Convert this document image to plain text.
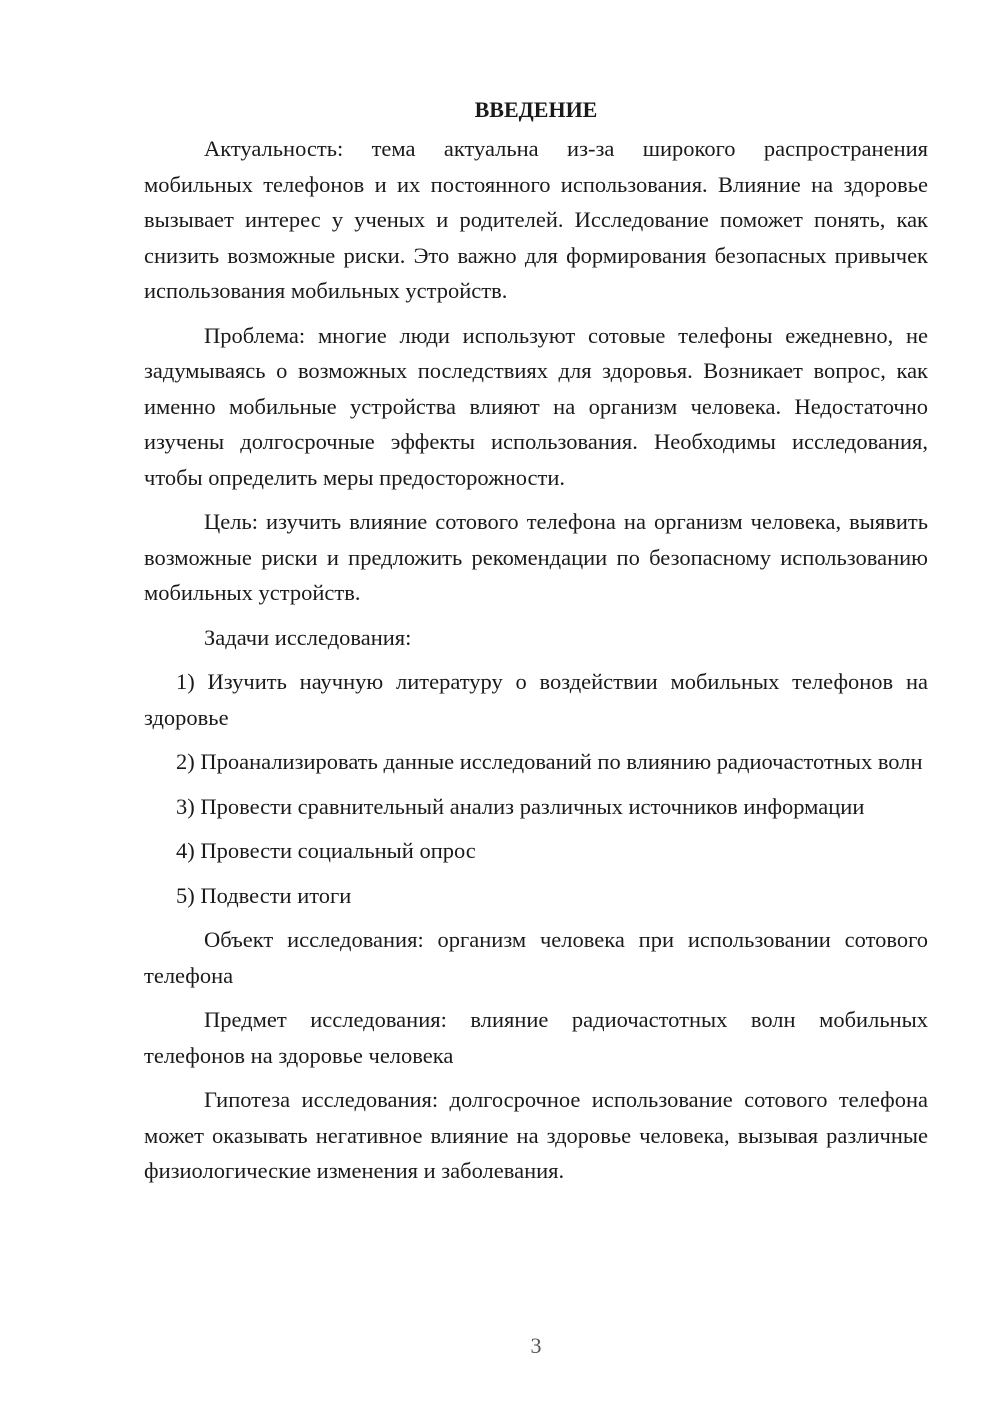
ВВЕДЕНИЕ

Актуальность: тема актуальна из-за широкого распространения мобильных телефонов и их постоянного использования. Влияние на здоровье вызывает интерес у ученых и родителей. Исследование поможет понять, как снизить возможные риски. Это важно для формирования безопасных привычек использования мобильных устройств.

Проблема: многие люди используют сотовые телефоны ежедневно, не задумываясь о возможных последствиях для здоровья. Возникает вопрос, как именно мобильные устройства влияют на организм человека. Недостаточно изучены долгосрочные эффекты использования. Необходимы исследования, чтобы определить меры предосторожности.

Цель: изучить влияние сотового телефона на организм человека, выявить возможные риски и предложить рекомендации по безопасному использованию мобильных устройств.

Задачи исследования:

1) Изучить научную литературу о воздействии мобильных телефонов на здоровье

2) Проанализировать данные исследований по влиянию радиочастотных волн

3) Провести сравнительный анализ различных источников информации

4) Провести социальный опрос

5) Подвести итоги

Объект исследования: организм человека при использовании сотового телефона

Предмет исследования: влияние радиочастотных волн мобильных телефонов на здоровье человека

Гипотеза исследования: долгосрочное использование сотового телефона может оказывать негативное влияние на здоровье человека, вызывая различные физиологические изменения и заболевания.

3
